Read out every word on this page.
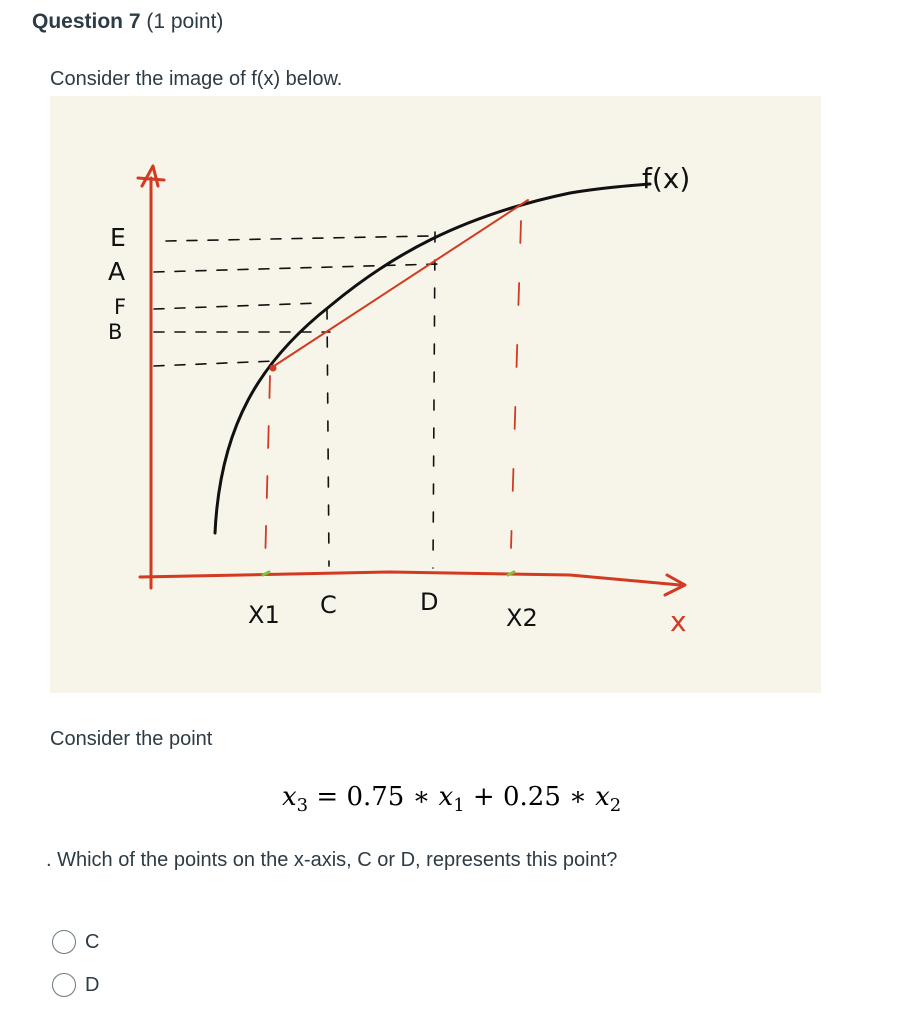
Question 7 (1 point)
Consider the image of f(x) below.
E
A
F
B
X1 C	D
X2
f(x)
x
Consider the point
$x_3 = 0.75$ ∗ $x_1 + 0.25$ ∗ $x_2$
. Which of the points on the x-axis, C or D, represents this point?
C
D
